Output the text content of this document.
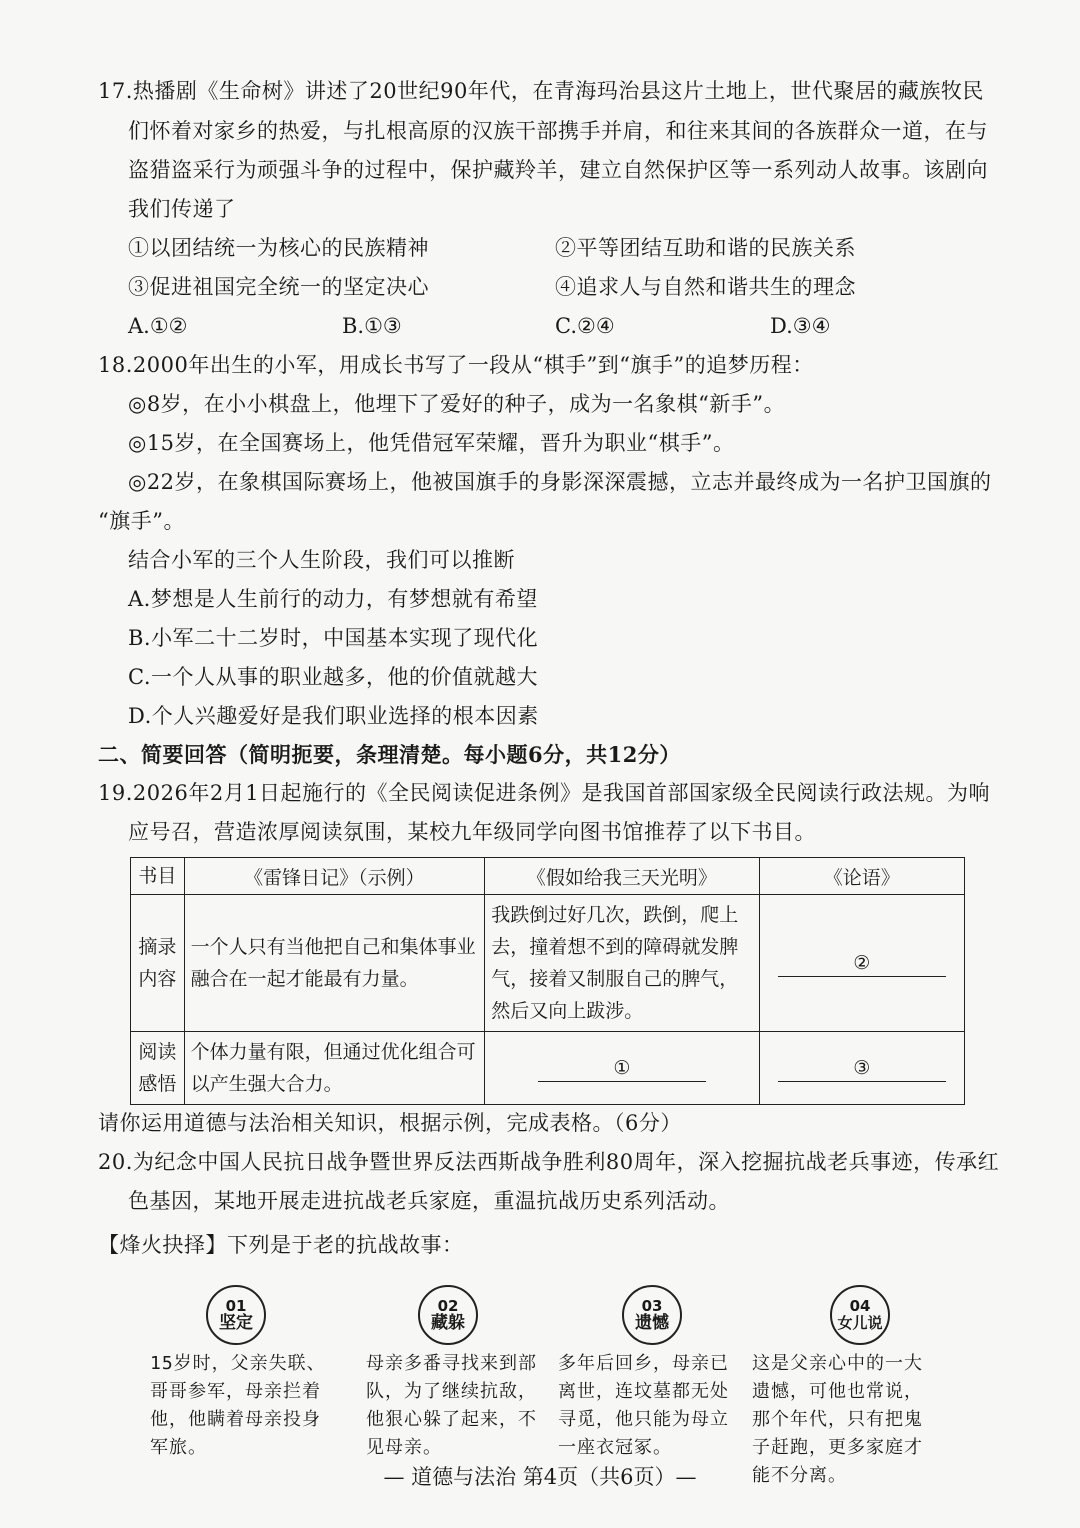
17.热播剧《生命树》讲述了20世纪90年代，在青海玛治县这片土地上，世代聚居的藏族牧民
们怀着对家乡的热爱，与扎根高原的汉族干部携手并肩，和往来其间的各族群众一道，在与
盗猎盗采行为顽强斗争的过程中，保护藏羚羊，建立自然保护区等一系列动人故事。该剧向
我们传递了
①以团结统一为核心的民族精神	②平等团结互助和谐的民族关系
③促进祖国完全统一的坚定决心	④追求人与自然和谐共生的理念
A.①②	B.①③	C.②④	D.③④
18.2000年出生的小军，用成长书写了一段从“棋手”到“旗手”的追梦历程：
◎8岁，在小小棋盘上，他埋下了爱好的种子，成为一名象棋“新手”。
◎15岁，在全国赛场上，他凭借冠军荣耀，晋升为职业“棋手”。
◎22岁，在象棋国际赛场上，他被国旗手的身影深深震撼，立志并最终成为一名护卫国旗的
“旗手”。
结合小军的三个人生阶段，我们可以推断
A.梦想是人生前行的动力，有梦想就有希望
B.小军二十二岁时，中国基本实现了现代化
C.一个人从事的职业越多，他的价值就越大
D.个人兴趣爱好是我们职业选择的根本因素
二、简要回答（简明扼要，条理清楚。每小题6分，共12分）
19.2026年2月1日起施行的《全民阅读促进条例》是我国首部国家级全民阅读行政法规。为响
应号召，营造浓厚阅读氛围，某校九年级同学向图书馆推荐了以下书目。
书目	《雷锋日记》（示例）	《假如给我三天光明》	《论语》
摘录内容	一个人只有当他把自己和集体事业融合在一起才能最有力量。	我跌倒过好几次，跌倒，爬上去，撞着想不到的障碍就发脾气，接着又制服自己的脾气，然后又向上跋涉。	②
阅读感悟	个体力量有限，但通过优化组合可以产生强大合力。	①	③
请你运用道德与法治相关知识，根据示例，完成表格。（6分）
20.为纪念中国人民抗日战争暨世界反法西斯战争胜利80周年，深入挖掘抗战老兵事迹，传承红
色基因，某地开展走进抗战老兵家庭，重温抗战历史系列活动。
【烽火抉择】下列是于老的抗战故事：
01
坚定
02
藏躲
03
遗憾
04
女儿说
15岁时，父亲失联、哥哥参军，母亲拦着他，他瞒着母亲投身军旅。
母亲多番寻找来到部队，为了继续抗敌，他狠心躲了起来，不见母亲。
多年后回乡，母亲已离世，连坟墓都无处寻觅，他只能为母立一座衣冠冢。
这是父亲心中的一大遗憾，可他也常说，那个年代，只有把鬼子赶跑，更多家庭才能不分离。
— 道德与法治 第4页（共6页）—
